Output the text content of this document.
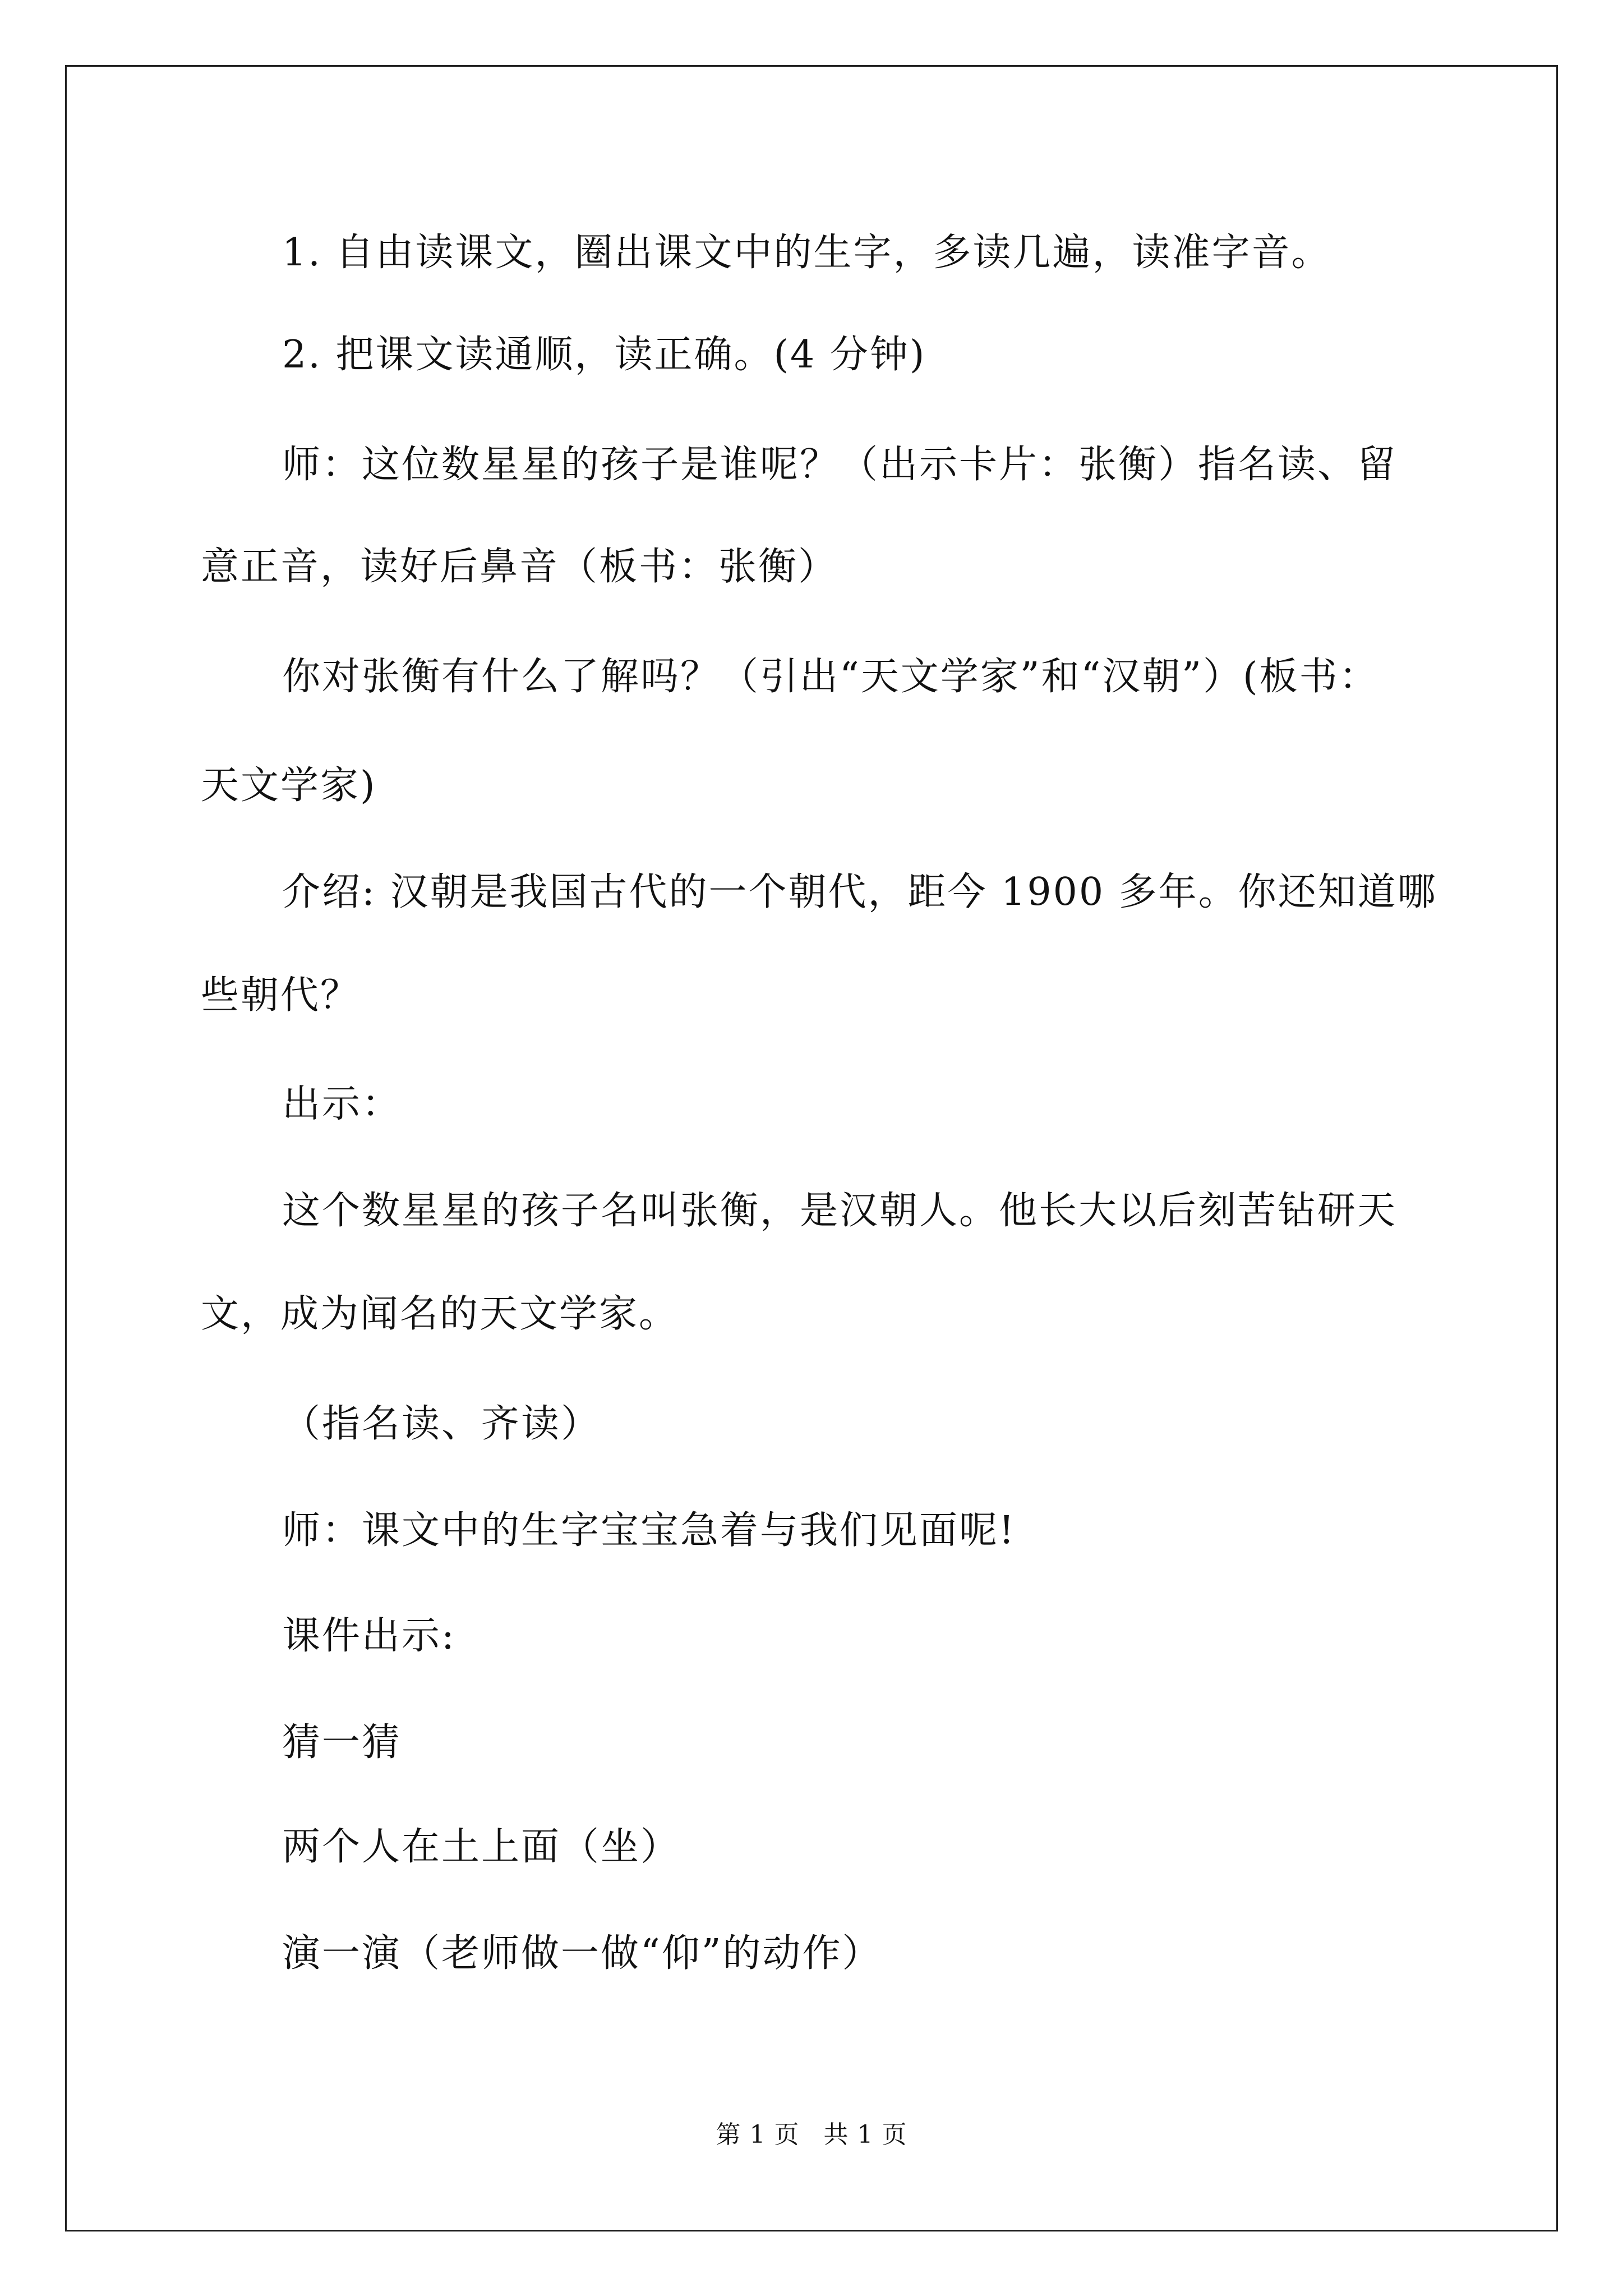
1. 自由读课文，圈出课文中的生字，多读几遍，读准字音。
2. 把课文读通顺，读正确。(4 分钟)
师：这位数星星的孩子是谁呢？（出示卡片：张衡）指名读、留
意正音，读好后鼻音（板书：张衡）
你对张衡有什么了解吗？（引出“天文学家”和“汉朝”）(板书：
天文学家)
介绍: 汉朝是我国古代的一个朝代，距今 1900 多年。你还知道哪
些朝代？
出示：
这个数星星的孩子名叫张衡，是汉朝人。他长大以后刻苦钻研天
文，成为闻名的天文学家。
（指名读、齐读）
师：课文中的生字宝宝急着与我们见面呢!
课件出示:
猜一猜
两个人在土上面（坐）
演一演（老师做一做“仰”的动作）
第 1 页 共 1 页
